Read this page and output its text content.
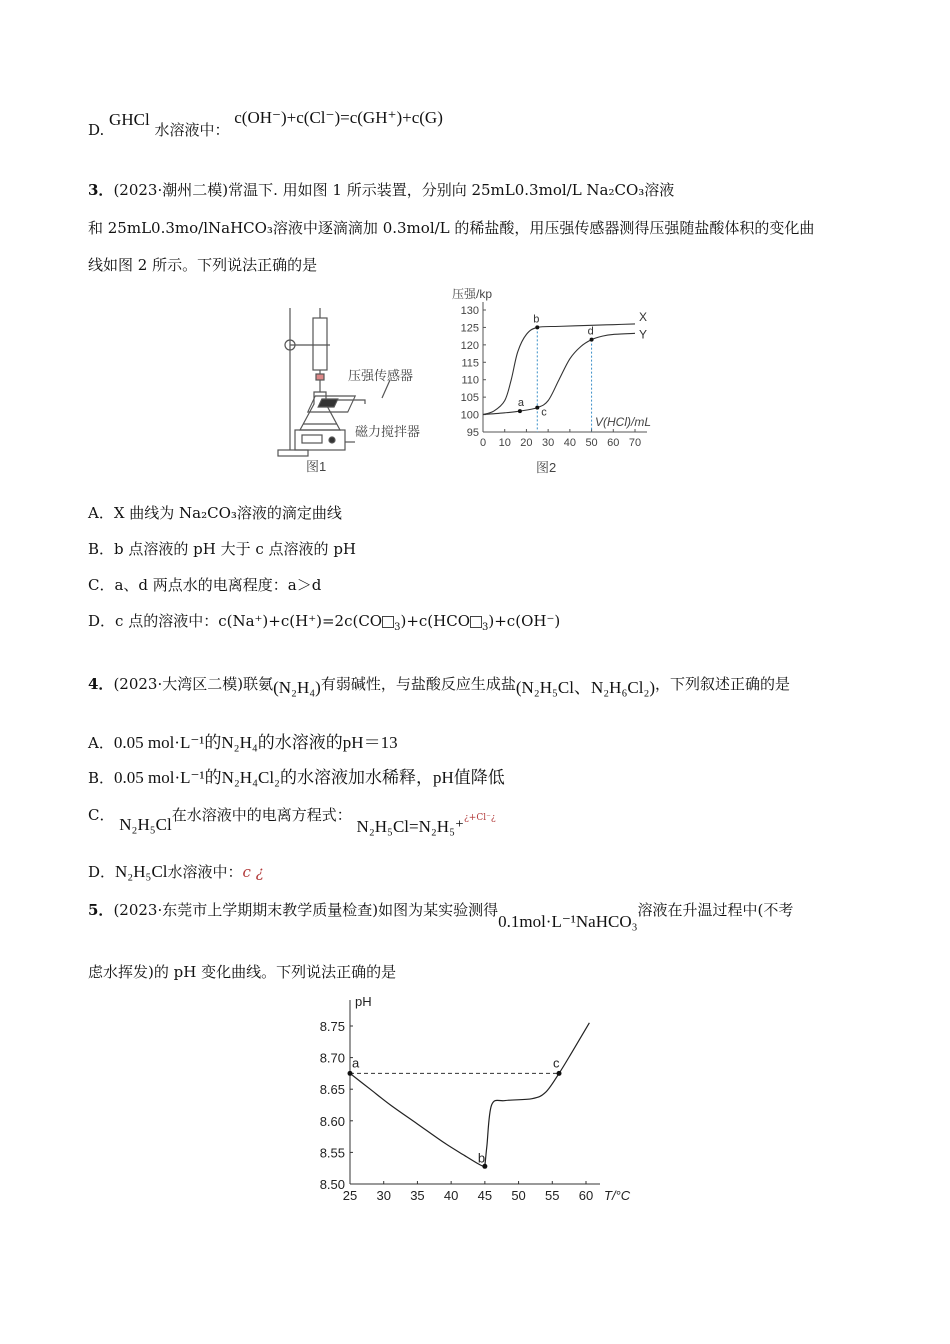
D. GHCl 水溶液中： c(OH⁻)+c(Cl⁻)=c(GH⁺)+c(G)
3．(2023·潮州二模)常温下. 用如图 1 所示装置，分别向 25mL0.3mol/L Na₂CO₃溶液
和 25mL0.3mo/lNaHCO₃溶液中逐滴滴加 0.3mol/L 的稀盐酸，用压强传感器测得压强随盐酸体积的变化曲
线如图 2 所示。下列说法正确的是
压强传感器
磁力搅拌器
图1
0 10 20 30 40 50 60 70
95
100
105
110
115
120
125
130
压强/kp
V(HCl)/mL
X
Y
a
b
c
d
图2
A．X 曲线为 Na₂CO₃溶液的滴定曲线
B．b 点溶液的 pH 大于 c 点溶液的 pH
C．a、d 两点水的电离程度：a＞d
D．c 点的溶液中：c(Na⁺)+c(H⁺)=2c(CO $_3$)+c(HCO $_3$)+c(OH⁻)
4．(2023·大湾区二模)联氨(N₂H₄)有弱碱性，与盐酸反应生成盐(N₂H₅Cl、N₂H₆Cl₂)，下列叙述正确的是
A．0.05 mol·L⁻¹的N₂H₄的水溶液的pH＝13
B．0.05 mol·L⁻¹的N₂H₄Cl₂的水溶液加水稀释，pH值降低
C． N₂H₅Cl在水溶液中的电离方程式： N₂H₅Cl=N₂H₅⁺¿+Cl⁻¿
D．N₂H₅Cl水溶液中：c ¿
5．(2023·东莞市上学期期末教学质量检查)如图为某实验测得0.1mol·L⁻¹NaHCO₃溶液在升温过程中(不考
虑水挥发)的 pH 变化曲线。下列说法正确的是
25 30 35 40 45 50 55 60
8.50
8.55
8.60
8.65
8.70
8.75
pH
T/°C
a
b
c
